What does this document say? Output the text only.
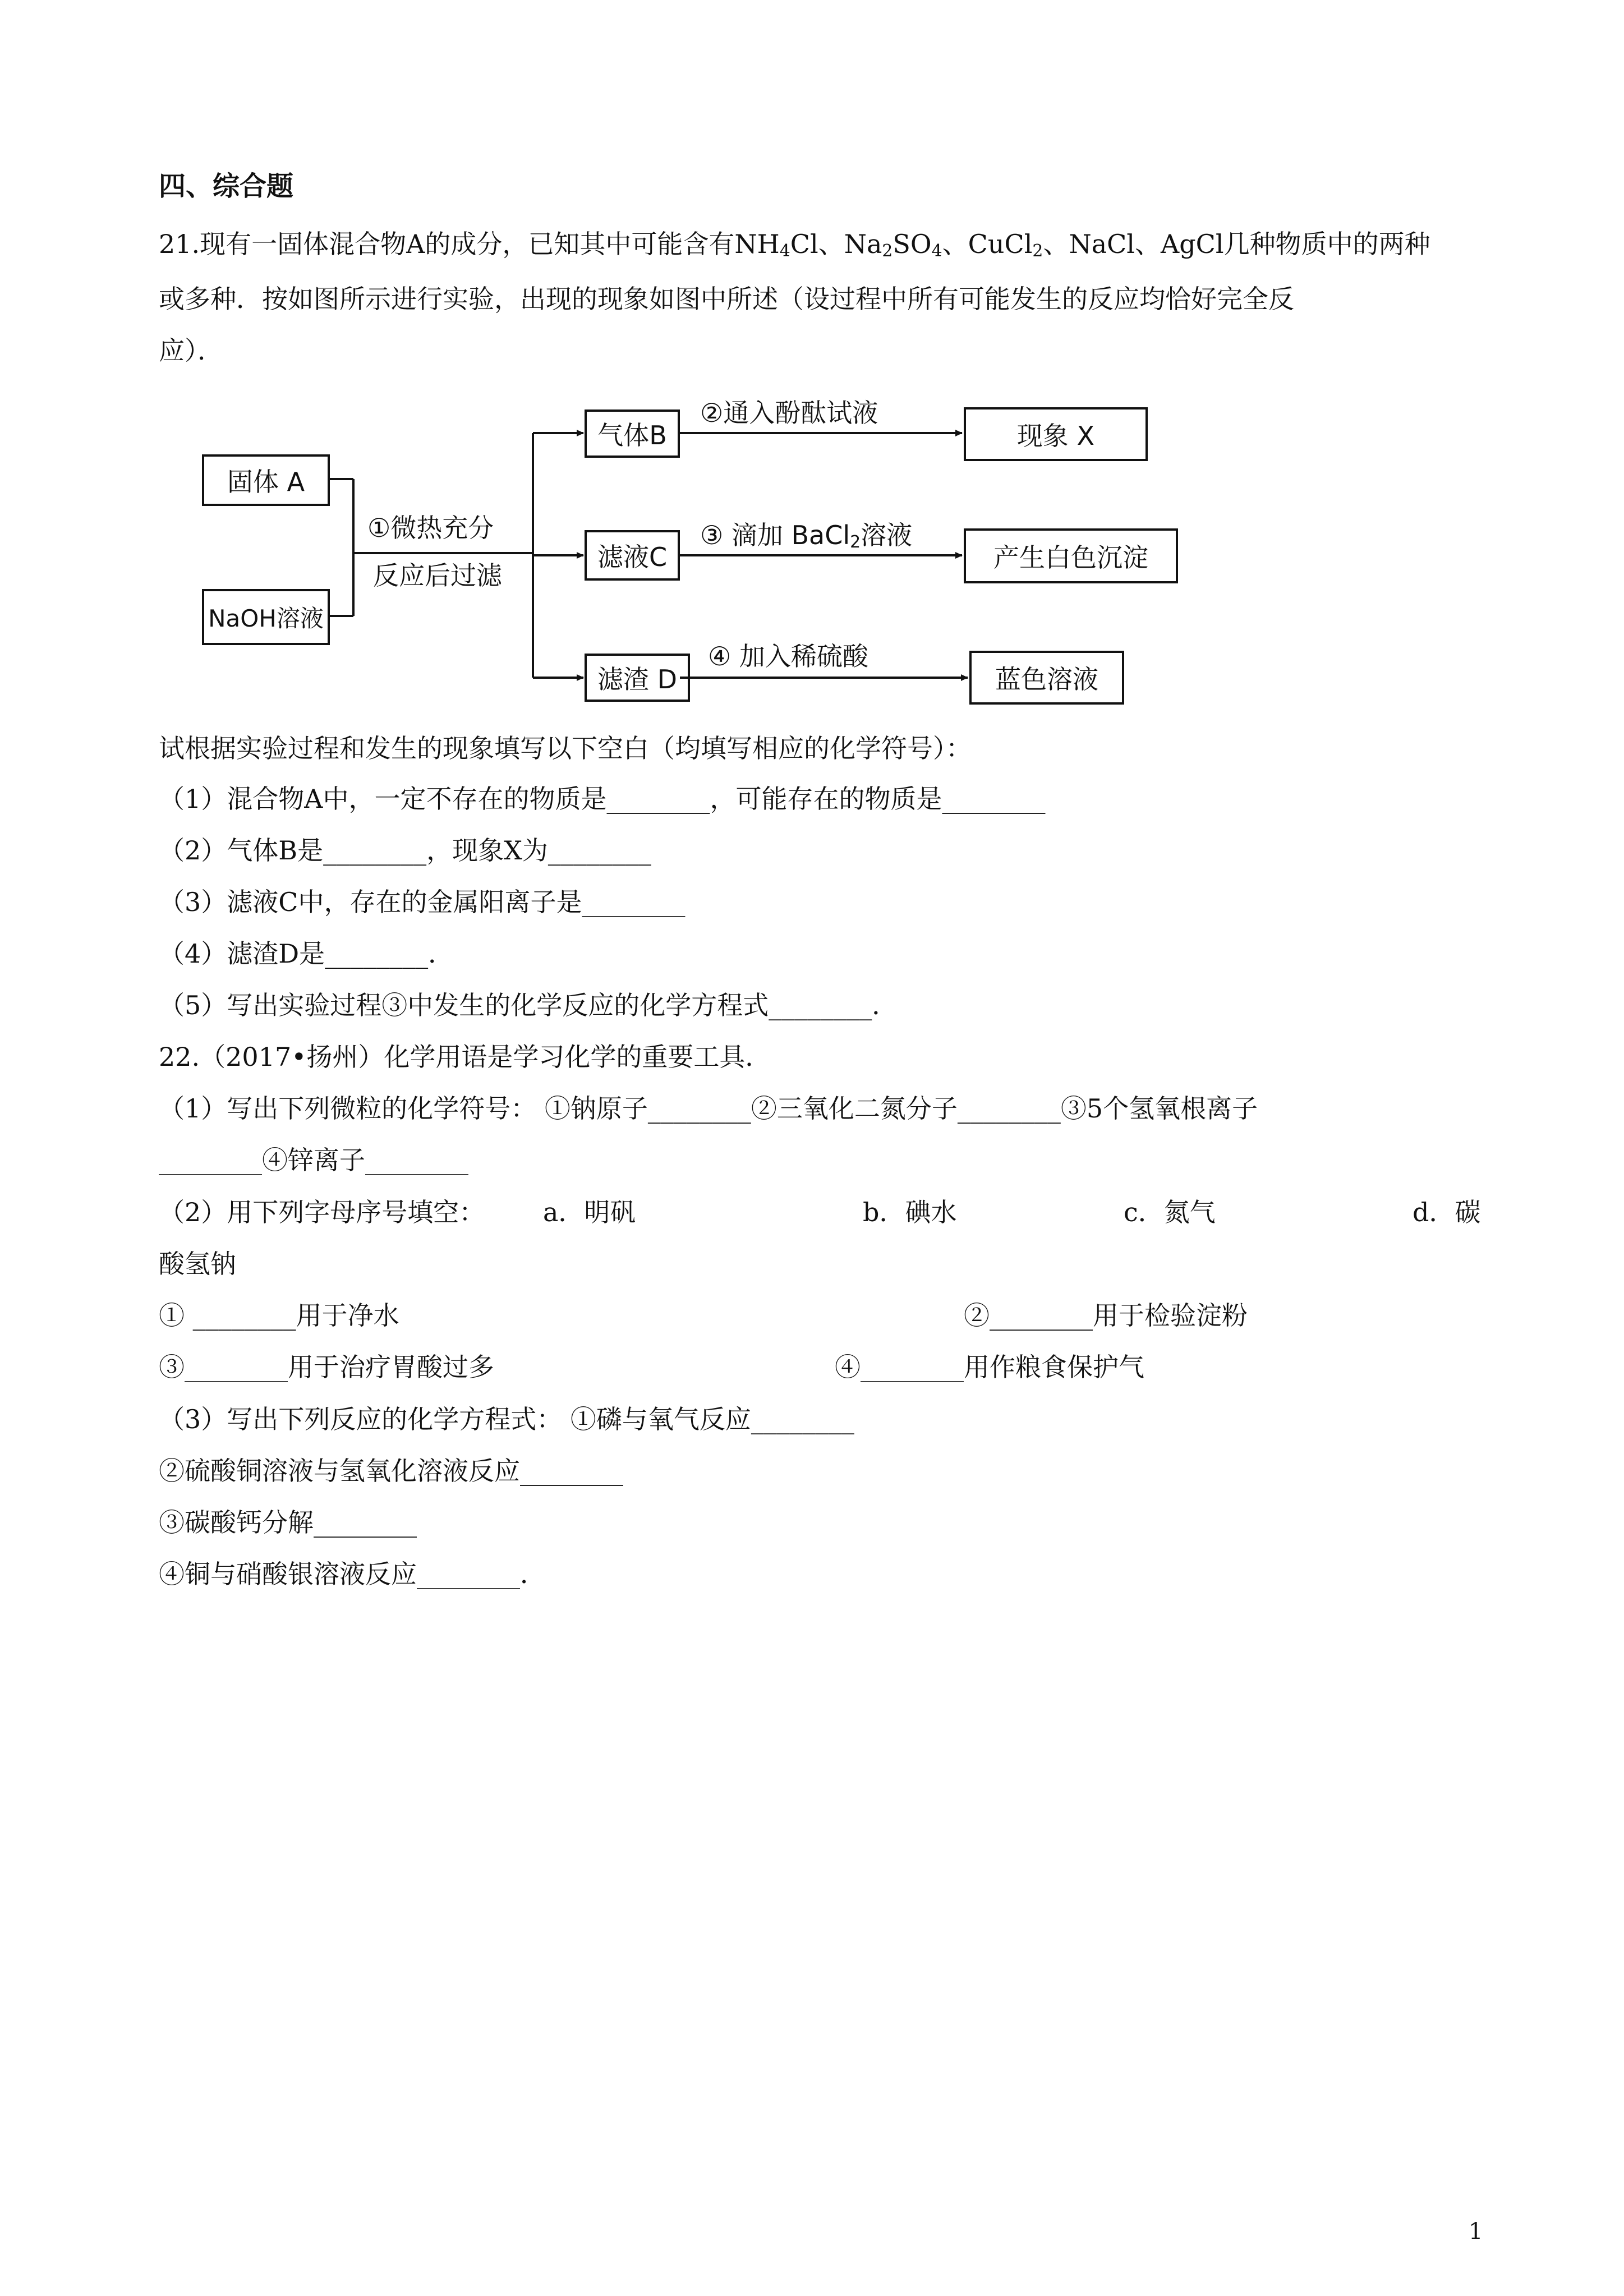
四、综合题
21.现有一固体混合物A的成分，已知其中可能含有$NH_4Cl$、$Na_2SO_4$、CuCl$_2$、NaCl、AgCl几种物质中的两种
或多种．按如图所示进行实验，出现的现象如图中所述（设过程中所有可能发生的反应均恰好完全反
应）．
固体 A
NaOH溶液
①微热充分
反应后过滤
气体B
滤液C
滤渣 D
②通入酚酞试液
③ 滴加 BaCl$_2$溶液
④ 加入稀硫酸
现象 X
产生白色沉淀
蓝色溶液
试根据实验过程和发生的现象填写以下空白（均填写相应的化学符号）：
（1）混合物A中，一定不存在的物质是________，可能存在的物质是________
（2）气体B是________，现象X为________
（3）滤液C中，存在的金属阳离子是________
（4）滤渣D是________．
（5）写出实验过程③中发生的化学反应的化学方程式________．
22.（2017•扬州）化学用语是学习化学的重要工具．
（1）写出下列微粒的化学符号： ①钠原子________②三氧化二氮分子________③5个氢氧根离子
________④锌离子________
（2）用下列字母序号填空： a．明矾	b．碘水	c．氮气	d．碳
酸氢钠
① ________用于净水	②________用于检验淀粉
③________用于治疗胃酸过多	④________用作粮食保护气
（3）写出下列反应的化学方程式： ①磷与氧气反应________
②硫酸铜溶液与氢氧化溶液反应________
③碳酸钙分解________
④铜与硝酸银溶液反应________．
1
